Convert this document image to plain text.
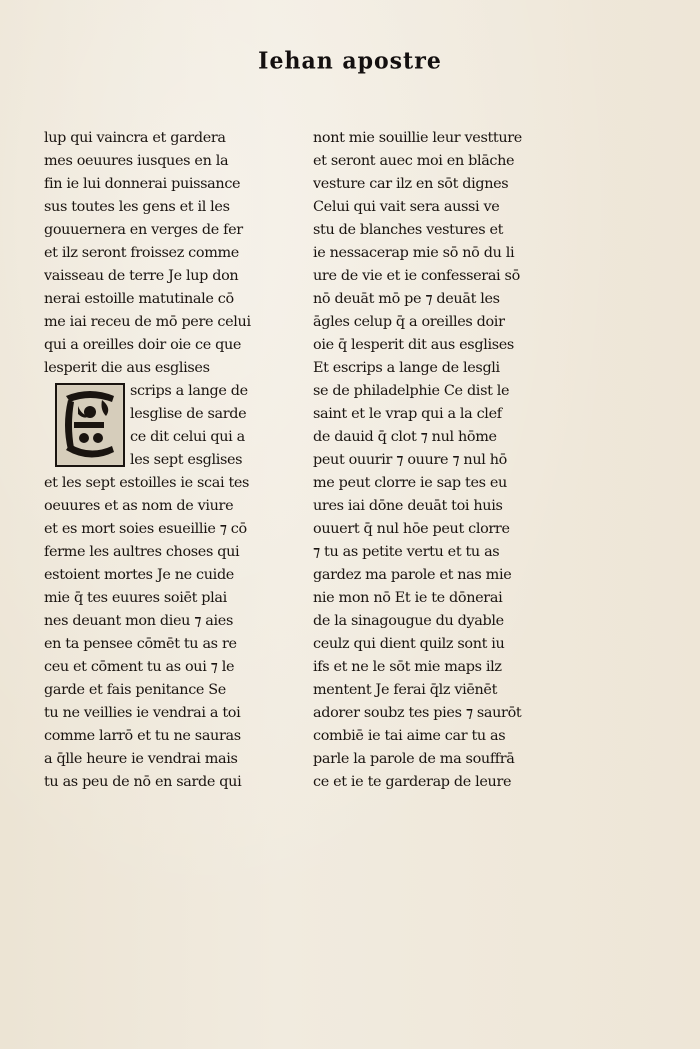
Iehan apostre
lup qui vaincra et gardera
mes oeuures iusques en la
fin ie lui donnerai puissance
sus toutes les gens et il les
gouuernera en verges de fer
et ilz seront froissez comme
vaisseau de terre Je lup don
nerai estoille matutinale cō
me iai receu de mō pere celui
qui a oreilles doir oie ce que
lesperit die aus esglises
scrips a lange de
lesglise de sarde
ce dit celui qui a
les sept esglises
et les sept estoilles ie scai tes
oeuures et as nom de viure
et es mort soies esueillie ⁊ cō
ferme les aultres choses qui
estoient mortes Je ne cuide
mie q̄ tes euures soiēt plai
nes deuant mon dieu ⁊ aies
en ta pensee cōmēt tu as re
ceu et cōment tu as oui ⁊ le
garde et fais penitance Se
tu ne veillies ie vendrai a toi
comme larrō et tu ne sauras
a q̄lle heure ie vendrai mais
tu as peu de nō en sarde qui
nont mie souillie leur vestture
et seront auec moi en blāche
vesture car ilz en sōt dignes
Celui qui vait sera aussi ve
stu de blanches vestures et
ie nessacerap mie sō nō du li
ure de vie et ie confesserai sō
nō deuāt mō pe ⁊ deuāt les
āgles celup q̄ a oreilles doir
oie q̄ lesperit dit aus esglises
Et escrips a lange de lesgli
se de philadelphie Ce dist le
saint et le vrap qui a la clef
de dauid q̄ clot ⁊ nul hōme
peut ouurir ⁊ ouure ⁊ nul hō
me peut clorre ie sap tes eu
ures iai dōne deuāt toi huis
ouuert q̄ nul hōe peut clorre
⁊ tu as petite vertu et tu as
gardez ma parole et nas mie
nie mon nō Et ie te dōnerai
de la sinagougue du dyable
ceulz qui dient quilz sont iu
ifs et ne le sōt mie maps ilz
mentent Je ferai q̄lz viēnēt
adorer soubz tes pies ⁊ saurōt
combiē ie tai aime car tu as
parle la parole de ma souffrā
ce et ie te garderap de leure
